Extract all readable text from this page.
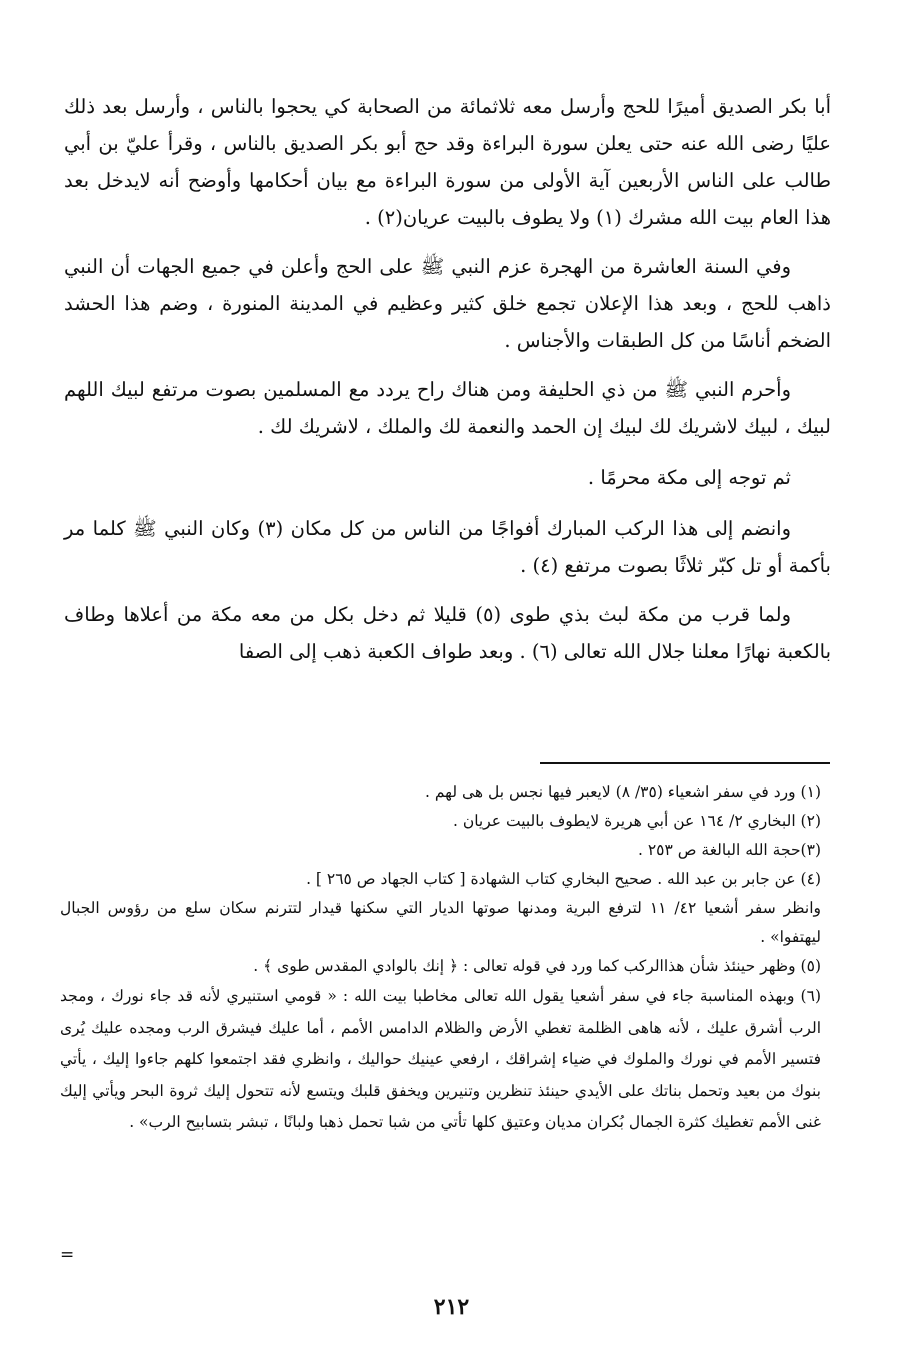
أبا بكر الصديق أميرًا للحج وأرسل معه ثلاثمائة من الصحابة كي يحجوا بالناس ، وأرسل بعد ذلك عليًا رضى الله عنه حتى يعلن سورة البراءة وقد حج أبو بكر الصديق بالناس ، وقرأ عليّ بن أبي طالب على الناس الأربعين آية الأولى من سورة البراءة مع بيان أحكامها وأوضح أنه لايدخل بعد هذا العام بيت الله مشرك (١) ولا يطوف بالبيت عريان(٢) .

وفي السنة العاشرة من الهجرة عزم النبي ﷺ على الحج وأعلن في جميع الجهات أن النبي ذاهب للحج ، وبعد هذا الإعلان تجمع خلق كثير وعظيم في المدينة المنورة ، وضم هذا الحشد الضخم أناسًا من كل الطبقات والأجناس .

وأحرم النبي ﷺ من ذي الحليفة ومن هناك راح يردد مع المسلمين بصوت مرتفع لبيك اللهم لبيك ، لبيك لاشريك لك لبيك إن الحمد والنعمة لك والملك ، لاشريك لك .

ثم توجه إلى مكة محرمًا .

وانضم إلى هذا الركب المبارك أفواجًا من الناس من كل مكان (٣) وكان النبي ﷺ كلما مر بأكمة أو تل كبّر ثلاثًا بصوت مرتفع (٤) .

ولما قرب من مكة لبث بذي طوى (٥) قليلا ثم دخل بكل من معه مكة من أعلاها وطاف بالكعبة نهارًا معلنا جلال الله تعالى (٦) . وبعد طواف الكعبة ذهب إلى الصفا

(١) ورد في سفر اشعياء (٣٥/ ٨) لايعبر فيها نجس بل هى لهم .

(٢) البخاري ٢/ ١٦٤ عن أبي هريرة لايطوف بالبيت عريان .

(٣)حجة الله البالغة ص ٢٥٣ .

(٤) عن جابر بن عبد الله . صحيح البخاري كتاب الشهادة [ كتاب الجهاد ص ٢٦٥ ] .

وانظر سفر أشعيا ٤٢/ ١١ لترفع البرية ومدنها صوتها الديار التي سكنها قيدار لتترنم سكان سلع من رؤوس الجبال ليهتفوا» .

(٥) وظهر حينئذ شأن هذاالركب كما ورد في قوله تعالى : ﴿ إنك بالوادي المقدس طوى ﴾ .

(٦) وبهذه المناسبة جاء في سفر أشعيا يقول الله تعالى مخاطبا بيت الله : « قومي استنيري لأنه قد جاء نورك ، ومجد الرب أشرق عليك ، لأنه هاهى الظلمة تغطي الأرض والظلام الدامس الأمم ، أما عليك فيشرق الرب ومجده عليك يُرى فتسير الأمم في نورك والملوك في ضياء إشراقك ، ارفعي عينيك حواليك ، وانظري فقد اجتمعوا كلهم جاءوا إليك ، يأتي بنوك من بعيد وتحمل بناتك على الأيدي حينئذ تنظرين وتنيرين ويخفق قلبك ويتسع لأنه تتحول إليك ثروة البحر ويأتي إليك غنى الأمم تغطيك كثرة الجمال بُكران مديان وعتيق كلها تأتي من شبا تحمل ذهبا ولبانًا ، تبشر بتسابيح الرب» .

=
٢١٢
